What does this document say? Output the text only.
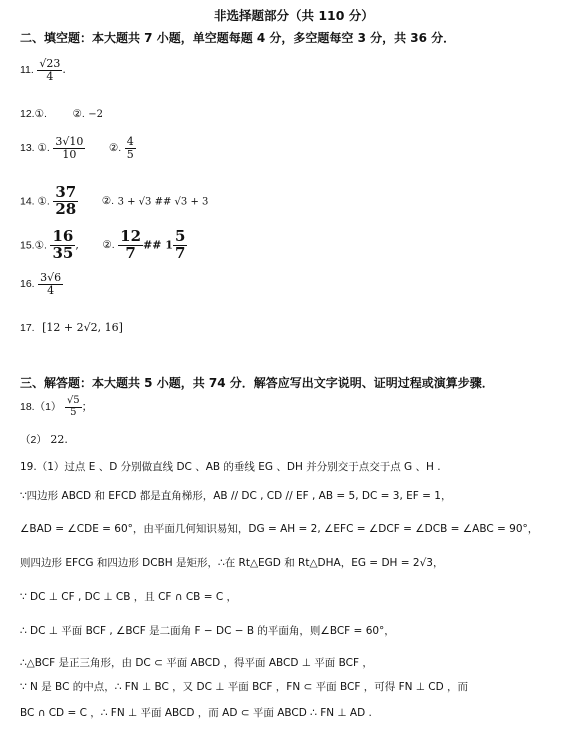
非选择题部分（共 110 分）
二、填空题：本大题共 7 小题，单空题每题 4 分，多空题每空 3 分，共 36 分．
11. $\frac{√23}{4}$ .
12.①. ②. −2
13. ①. $\frac{3√10}{10}$ ②. $\frac{4}{5}$
14. ①. $\frac{37}{28}$ ②. 3 + √3 ## √3 + 3
15.①. $\frac{16}{35}$ , ②. $\frac{12}{7}$ ## $1 \frac{5}{7}$
16. $\frac{3√6}{4}$
17. [12 + 2√2, 16]
三、解答题：本大题共 5 小题，共 74 分．解答应写出文字说明、证明过程或演算步骤．
$18.(1) \frac{√5}{5}$ ；
（2） 22.
19.（1）过点 E 、D 分别做直线 DC 、AB 的垂线 EG 、DH 并分别交于点交于点 G 、H .
∵四边形 ABCD 和 EFCD 都是直角梯形，AB // DC , CD // EF , AB = 5, DC = 3, EF = 1，
∠BAD = ∠CDE = 60°，由平面几何知识易知，DG = AH = 2, ∠EFC = ∠DCF = ∠DCB = ∠ABC = 90°，
则四边形 EFCG 和四边形 DCBH 是矩形，∴在 Rt△EGD 和 Rt△DHA，EG = DH = 2√3，
∵ DC ⊥ CF , DC ⊥ CB ，且 CF ∩ CB = C ，
∴ DC ⊥ 平面 BCF , ∠BCF 是二面角 F − DC − B 的平面角，则∠BCF = 60°，
∴△BCF 是正三角形，由 DC ⊂ 平面 ABCD ，得平面 ABCD ⊥ 平面 BCF ，
∵ N 是 BC 的中点，∴ FN ⊥ BC ，又 DC ⊥ 平面 BCF ，FN ⊂ 平面 BCF ，可得 FN ⊥ CD ，而
BC ∩ CD = C ，∴ FN ⊥ 平面 ABCD ，而 AD ⊂ 平面 ABCD ∴ FN ⊥ AD .
